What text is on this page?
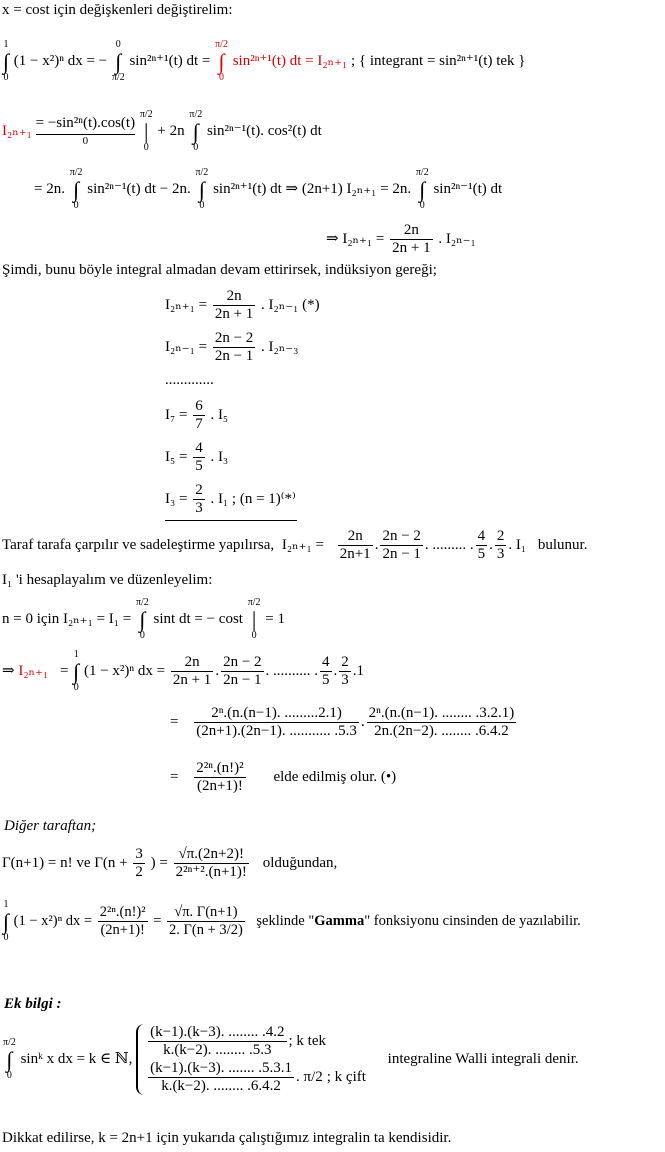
x = cost için değişkenleri değiştirelim:
1
∫
0 (1 − x²)ⁿ dx = − 0
∫
π/2 sin²ⁿ⁺¹(t) dt = π/2
∫
0 sin²ⁿ⁺¹(t) dt = I₂ₙ₊₁ ; { integrant = sin²ⁿ⁺¹(t) tek }
I₂ₙ₊₁ = −sin²ⁿ(t).cos(t)
0 π/2
|
0 + 2n π/2
∫
0 sin²ⁿ⁻¹(t). cos²(t) dt
= 2n. π/2
∫
0 sin²ⁿ⁻¹(t) dt − 2n. π/2
∫
0 sin²ⁿ⁺¹(t) dt ⇒ (2n+1) I₂ₙ₊₁ = 2n. π/2
∫
0 sin²ⁿ⁻¹(t) dt
⇒ $I_{2n+1} = \frac{2n}{2n + 1}$ . I₂ₙ₋₁
Şimdi, bunu böyle integral almadan devam ettirirsek, indüksiyon gereği;
$I_{2n+1} = \frac{2n}{2n + 1}$ . I₂ₙ₋₁ (*)
$I_{2n-1} = \frac{2n - 2}{2n - 1}$ . I₂ₙ₋₃
.............
$I_7 = \frac{6}{7}$ . I₅
$I_5 = \frac{4}{5}$ . I₃
$I_3 = \frac{2}{3}$ . I₁ ; (n = 1)⁽*⁾
Taraf tarafa çarpılır ve sadeleştirme yapılırsa, $I_{2n+1} = \frac{2n}{2n+1}$ . $\frac{2n - 2}{2n - 1}$ . ......... . $\frac{4}{5}$ . $\frac{2}{3}$ . I₁ bulunur.
I₁ 'i hesaplayalım ve düzenleyelim:
n = 0 için I₂ₙ₊₁ = I₁ = π/2
∫
0 sint dt = − cost π/2
|
0 = 1
⇒ I₂ₙ₊₁ = 1
∫
0 (1 − x²)ⁿ dx = $\frac{2n}{2n + 1}$ . $\frac{2n - 2}{2n - 1}$ . .......... . $\frac{4}{5}$ . $\frac{2}{3} .1$
= $\frac{\text{2ⁿ.(n.(n−1). .........2.1)}}{(2n+1).(2n-1). ........... .5.3}$ . $\frac{\text{2ⁿ.(n.(n−1). ........ .3.2.1)}}{2n.(2n-2). ........ .6.4.2}$
= $\frac{\text{2²ⁿ.(n!)²}}{(2n+1)!}$ elde edilmiş olur. (•)
Diğer taraftan;
Γ(n+1) = n! ve $\Gamma(n + \frac{3}{2}$ ) = $\frac{√\pi.(2n+2)!}{\text{2²ⁿ⁺².(n+1)!}}$ olduğundan,
1
∫
0 (1 − x²)ⁿ dx = $\frac{\text{2²ⁿ.(n!)²}}{(2n+1)!} = \frac{√\pi. \Gamma(n+1)}{2. \Gamma(n + 3/2)}$ şeklinde "Gamma" fonksiyonu cinsinden de yazılabilir.
Ek bilgi :
π/2
∫
0 sinᵏ x dx = k ∈ ℕ, $\frac{(k-1).(k-3). ........ .4.2}{k.(k-2). ........ .5.3}$ ; k tek
$\frac{(k-1).(k-3). ....... .5.3.1}{k.(k-2). ........ .6.4.2}$ . π/2 ; k çift
integraline Walli integrali denir.
Dikkat edilirse, k = 2n+1 için yukarıda çalıştığımız integralin ta kendisidir.
